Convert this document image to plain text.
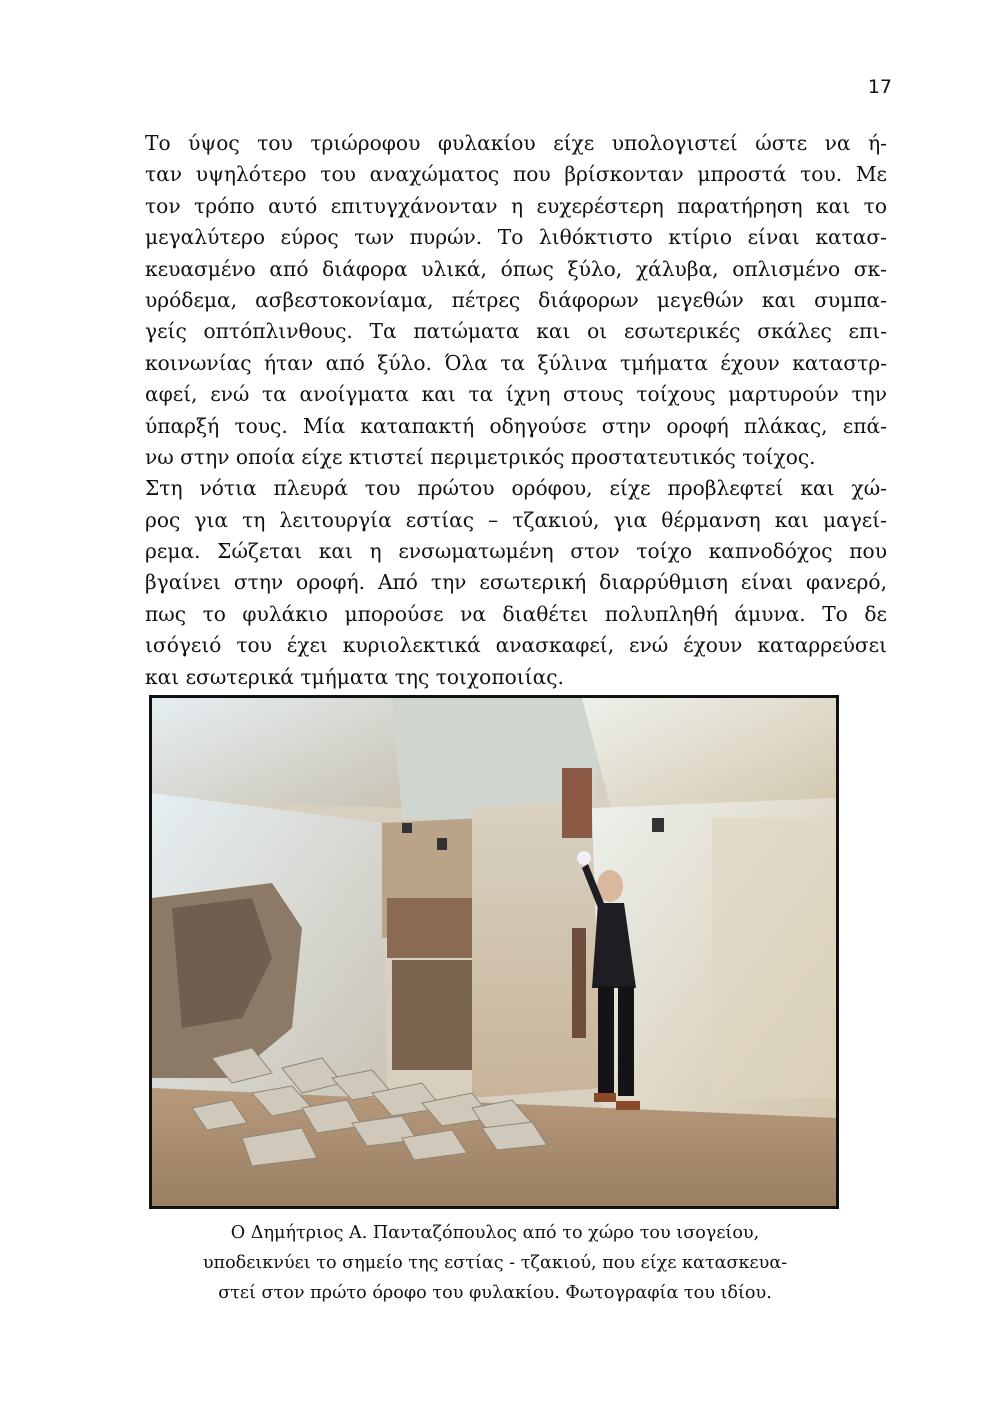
17
Το ύψος του τριώροφου φυλακίου είχε υπολογιστεί ώστε να ή-
ταν υψηλότερο του αναχώματος που βρίσκονταν μπροστά του. Με
τον τρόπο αυτό επιτυγχάνονταν η ευχερέστερη παρατήρηση και το
μεγαλύτερο εύρος των πυρών. Το λιθόκτιστο κτίριο είναι κατασ-
κευασμένο από διάφορα υλικά, όπως ξύλο, χάλυβα, οπλισμένο σκ-
υρόδεμα, ασβεστοκονίαμα, πέτρες διάφορων μεγεθών και συμπα-
γείς οπτόπλινθους. Τα πατώματα και οι εσωτερικές σκάλες επι-
κοινωνίας ήταν από ξύλο. Όλα τα ξύλινα τμήματα έχουν καταστρ-
αφεί, ενώ τα ανοίγματα και τα ίχνη στους τοίχους μαρτυρούν την
ύπαρξή τους. Μία καταπακτή οδηγούσε στην οροφή πλάκας, επά-
νω στην οποία είχε κτιστεί περιμετρικός προστατευτικός τοίχος.
Στη νότια πλευρά του πρώτου ορόφου, είχε προβλεφτεί και χώ-
ρος για τη λειτουργία εστίας – τζακιού, για θέρμανση και μαγεί-
ρεμα. Σώζεται και η ενσωματωμένη στον τοίχο καπνοδόχος που
βγαίνει στην οροφή. Από την εσωτερική διαρρύθμιση είναι φανερό,
πως το φυλάκιο μπορούσε να διαθέτει πολυπληθή άμυνα. Το δε
ισόγειό του έχει κυριολεκτικά ανασκαφεί, ενώ έχουν καταρρεύσει
και εσωτερικά τμήματα της τοιχοποιίας.
Ο Δημήτριος Α. Πανταζόπουλος από το χώρο του ισογείου,
υποδεικνύει το σημείο της εστίας - τζακιού, που είχε κατασκευα-
στεί στον πρώτο όροφο του φυλακίου. Φωτογραφία του ιδίου.
